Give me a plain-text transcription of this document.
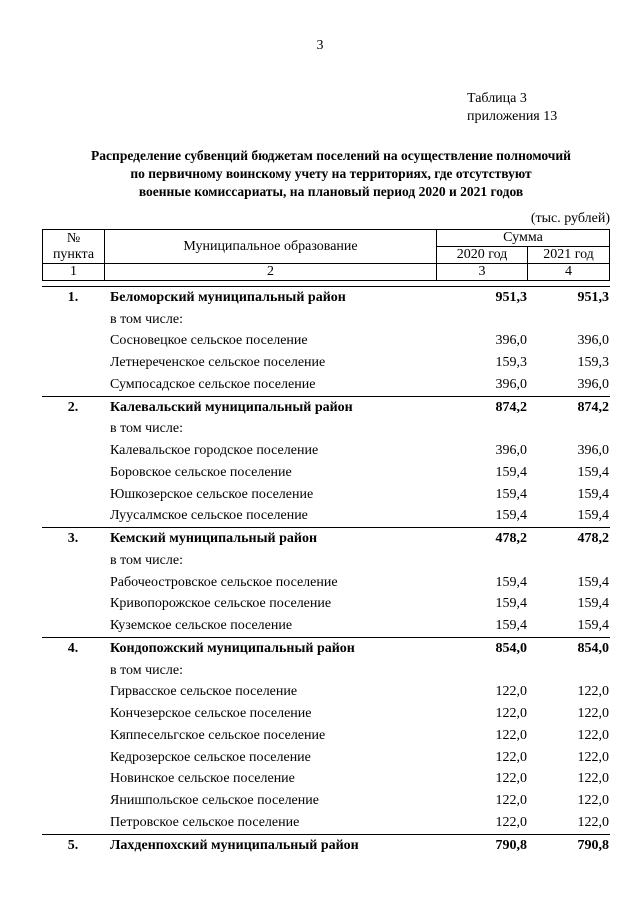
3
Таблица 3
приложения 13
Распределение субвенций бюджетам поселений на осуществление полномочий
по первичному воинскому учету на территориях, где отсутствуют
военные комиссариаты, на плановый период 2020 и 2021 годов
(тыс. рублей)
№
пункта	Муниципальное образование	Сумма	
		2020 год	2021 год
1	2	3	4
1.	Беломорский муниципальный район	951,3	951,3
	в том числе:		
	Сосновецкое сельское поселение	396,0	396,0
	Летнереченское сельское поселение	159,3	159,3
	Сумпосадское сельское поселение	396,0	396,0
2.	Калевальский муниципальный район	874,2	874,2
	в том числе:		
	Калевальское городское поселение	396,0	396,0
	Боровское сельское поселение	159,4	159,4
	Юшкозерское сельское поселение	159,4	159,4
	Луусалмское сельское поселение	159,4	159,4
3.	Кемский муниципальный район	478,2	478,2
	в том числе:		
	Рабочеостровское сельское поселение	159,4	159,4
	Кривопорожское сельское поселение	159,4	159,4
	Куземское сельское поселение	159,4	159,4
4.	Кондопожский муниципальный район	854,0	854,0
	в том числе:		
	Гирвасское сельское поселение	122,0	122,0
	Кончезерское сельское поселение	122,0	122,0
	Кяппесельгское сельское поселение	122,0	122,0
	Кедрозерское сельское поселение	122,0	122,0
	Новинское сельское поселение	122,0	122,0
	Янишпольское сельское поселение	122,0	122,0
	Петровское сельское поселение	122,0	122,0
5.	Лахденпохский муниципальный район	790,8	790,8
